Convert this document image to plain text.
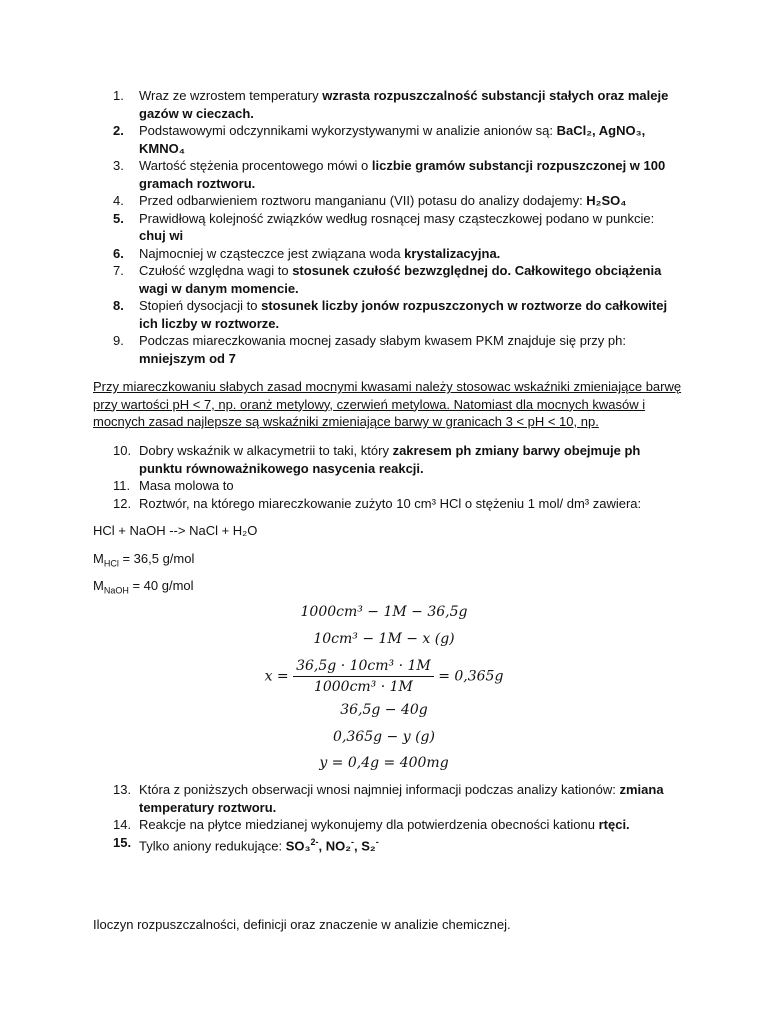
1.	Wraz ze wzrostem temperatury wzrasta rozpuszczalność substancji stałych oraz maleje gazów w cieczach.
2.	Podstawowymi odczynnikami wykorzystywanymi w analizie anionów są: BaCl₂, AgNO₃, KMNO₄
3.	Wartość stężenia procentowego mówi o liczbie gramów substancji rozpuszczonej w 100 gramach roztworu.
4.	Przed odbarwieniem roztworu manganianu (VII) potasu do analizy dodajemy: H₂SO₄
5.	Prawidłową kolejność związków według rosnącej masy cząsteczkowej podano w punkcie: chuj wi
6.	Najmocniej w cząsteczce jest związana woda krystalizacyjna.
7.	Czułość względna wagi to stosunek czułość bezwzględnej do. Całkowitego obciążenia wagi w danym momencie.
8.	Stopień dysocjacji to stosunek liczby jonów rozpuszczonych w roztworze do całkowitej ich liczby w roztworze.
9.	Podczas miareczkowania mocnej zasady słabym kwasem PKM znajduje się przy ph: mniejszym od 7
Przy miareczkowaniu słabych zasad mocnymi kwasami należy stosowac wskaźniki zmieniające barwę przy wartości pH < 7, np. oranż metylowy, czerwień metylowa. Natomiast dla mocnych kwasów i mocnych zasad najlepsze są wskaźniki zmieniające barwy w granicach 3 < pH < 10, np.
10. Dobry wskaźnik w alkacymetrii to taki, który zakresem ph zmiany barwy obejmuje ph punktu równoważnikowego nasycenia reakcji.
11. Masa molowa to
12. Roztwór, na którego miareczkowanie zużyto 10 cm³ HCl o stężeniu 1 mol/ dm³ zawiera:
HCl + NaOH --> NaCl + H₂O
$M_{HCl} = 36,5$ g/mol
$M_{NaOH} = 40$ g/mol
1000cm³ − 1M − 36,5g
10cm³ − 1M − x (g)
$x = \frac{\text{36,5g · 10cm³ · 1M}}{\text{1000cm³ · 1M}} = 0,365g$
36,5g − 40g
0,365g − y (g)
y = 0,4g = 400mg
13. Która z poniższych obserwacji wnosi najmniej informacji podczas analizy kationów: zmiana temperatury roztworu.
14. Reakcje na płytce miedzianej wykonujemy dla potwierdzenia obecności kationu rtęci.
15. Tylko aniony redukujące: SO₃$^{2-}$, NO₂-, S₂-
Iloczyn rozpuszczalności, definicji oraz znaczenie w analizie chemicznej.
